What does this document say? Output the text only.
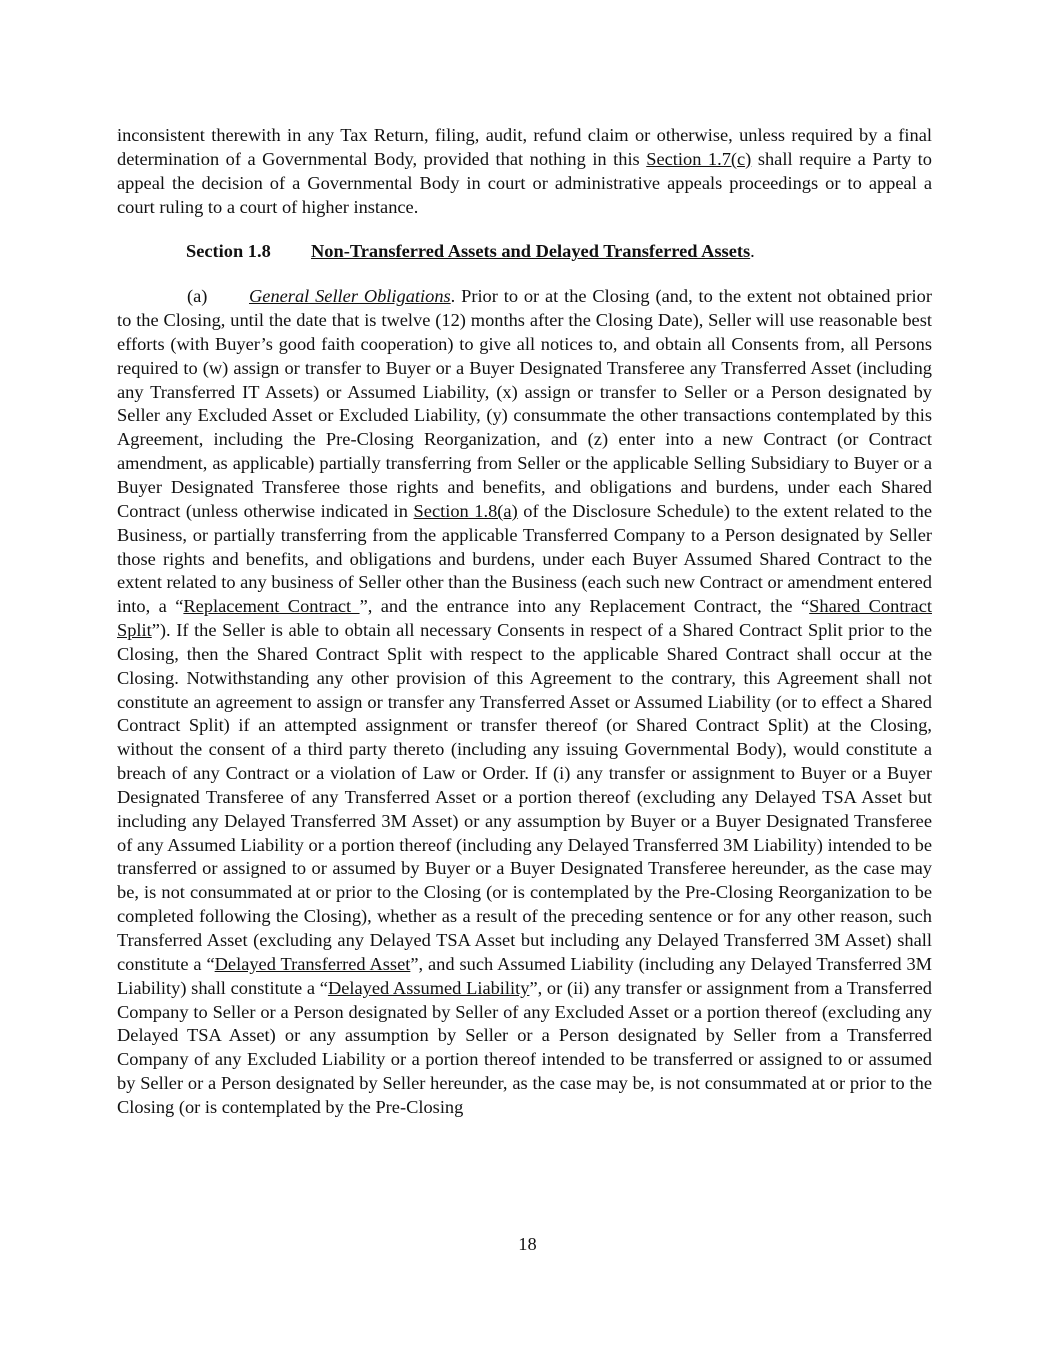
inconsistent therewith in any Tax Return, filing, audit, refund claim or otherwise, unless required by a final determination of a Governmental Body, provided that nothing in this Section 1.7(c) shall require a Party to appeal the decision of a Governmental Body in court or administrative appeals proceedings or to appeal a court ruling to a court of higher instance.

Section 1.8 Non-Transferred Assets and Delayed Transferred Assets.

(a) General Seller Obligations. Prior to or at the Closing (and, to the extent not obtained prior to the Closing, until the date that is twelve (12) months after the Closing Date), Seller will use reasonable best efforts (with Buyer’s good faith cooperation) to give all notices to, and obtain all Consents from, all Persons required to (w) assign or transfer to Buyer or a Buyer Designated Transferee any Transferred Asset (including any Transferred IT Assets) or Assumed Liability, (x) assign or transfer to Seller or a Person designated by Seller any Excluded Asset or Excluded Liability, (y) consummate the other transactions contemplated by this Agreement, including the Pre-Closing Reorganization, and (z) enter into a new Contract (or Contract amendment, as applicable) partially transferring from Seller or the applicable Selling Subsidiary to Buyer or a Buyer Designated Transferee those rights and benefits, and obligations and burdens, under each Shared Contract (unless otherwise indicated in Section 1.8(a) of the Disclosure Schedule) to the extent related to the Business, or partially transferring from the applicable Transferred Company to a Person designated by Seller those rights and benefits, and obligations and burdens, under each Buyer Assumed Shared Contract to the extent related to any business of Seller other than the Business (each such new Contract or amendment entered into, a “Replacement Contract ”, and the entrance into any Replacement Contract, the “Shared Contract Split”). If the Seller is able to obtain all necessary Consents in respect of a Shared Contract Split prior to the Closing, then the Shared Contract Split with respect to the applicable Shared Contract shall occur at the Closing. Notwithstanding any other provision of this Agreement to the contrary, this Agreement shall not constitute an agreement to assign or transfer any Transferred Asset or Assumed Liability (or to effect a Shared Contract Split) if an attempted assignment or transfer thereof (or Shared Contract Split) at the Closing, without the consent of a third party thereto (including any issuing Governmental Body), would constitute a breach of any Contract or a violation of Law or Order. If (i) any transfer or assignment to Buyer or a Buyer Designated Transferee of any Transferred Asset or a portion thereof (excluding any Delayed TSA Asset but including any Delayed Transferred 3M Asset) or any assumption by Buyer or a Buyer Designated Transferee of any Assumed Liability or a portion thereof (including any Delayed Transferred 3M Liability) intended to be transferred or assigned to or assumed by Buyer or a Buyer Designated Transferee hereunder, as the case may be, is not consummated at or prior to the Closing (or is contemplated by the Pre-Closing Reorganization to be completed following the Closing), whether as a result of the preceding sentence or for any other reason, such Transferred Asset (excluding any Delayed TSA Asset but including any Delayed Transferred 3M Asset) shall constitute a “Delayed Transferred Asset”, and such Assumed Liability (including any Delayed Transferred 3M Liability) shall constitute a “Delayed Assumed Liability”, or (ii) any transfer or assignment from a Transferred Company to Seller or a Person designated by Seller of any Excluded Asset or a portion thereof (excluding any Delayed TSA Asset) or any assumption by Seller or a Person designated by Seller from a Transferred Company of any Excluded Liability or a portion thereof intended to be transferred or assigned to or assumed by Seller or a Person designated by Seller hereunder, as the case may be, is not consummated at or prior to the Closing (or is contemplated by the Pre-Closing

18
